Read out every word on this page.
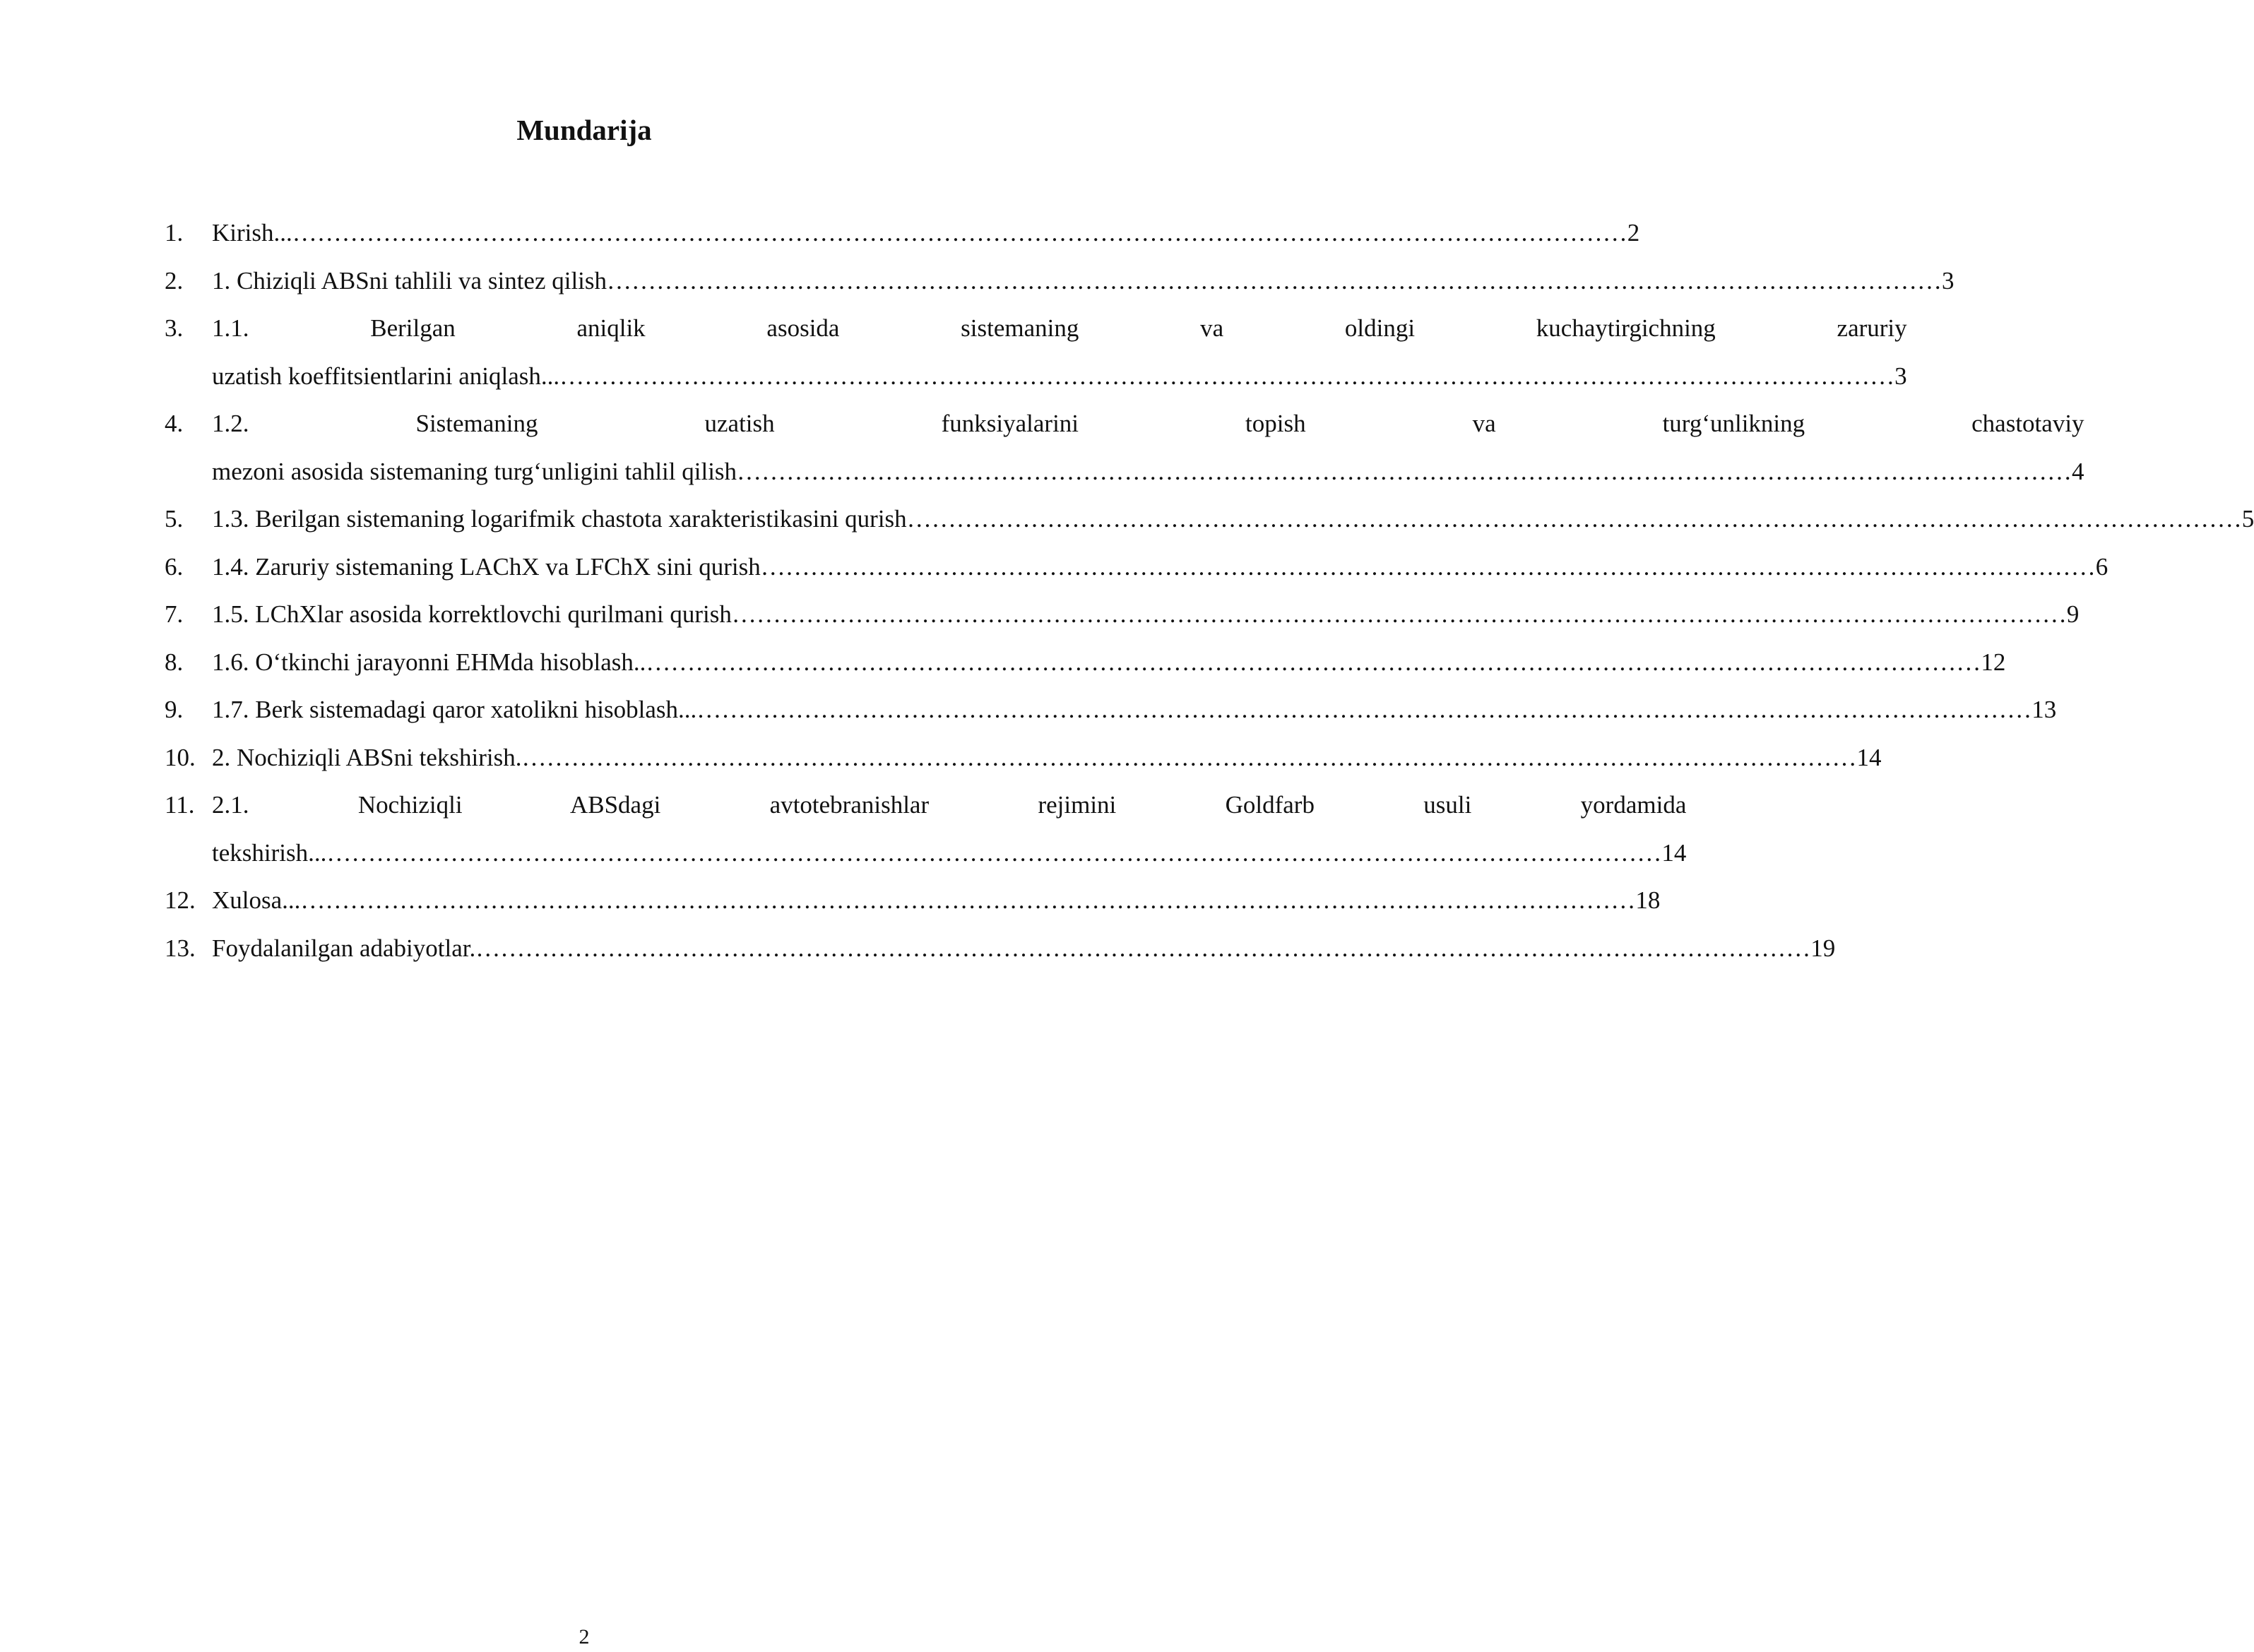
Mundarija
1.	Kirish... ……………………………………………………………………………………………………………………………………………… 2
2.	1. Chiziqli ABSni tahlili va sintez qilish ……………………………………………………………………………………………………………………………………………… 3
3.	1.1. Berilgan aniqlik asosida sistemaning va oldingi kuchaytirgichning zaruriy
uzatish koeffitsientlarini aniqlash... ……………………………………………………………………………………………………………………………………………… 3
4.	1.2. Sistemaning uzatish funksiyalarini topish va turg‘unlikning chastotaviy
mezoni asosida sistemaning turg‘unligini tahlil qilish ……………………………………………………………………………………………………………………………………………… 4
5.	1.3. Berilgan sistemaning logarifmik chastota xarakteristikasini qurish ……………………………………………………………………………………………………………………………………………… 5
6.	1.4. Zaruriy sistemaning LAChX va LFChX sini qurish ……………………………………………………………………………………………………………………………………………… 6
7.	1.5. LChXlar asosida korrektlovchi qurilmani qurish ……………………………………………………………………………………………………………………………………………… 9
8.	1.6. O‘tkinchi jarayonni EHMda hisoblash.. ……………………………………………………………………………………………………………………………………………… 12
9.	1.7. Berk sistemadagi qaror xatolikni hisoblash... ……………………………………………………………………………………………………………………………………………… 13
10. 2. Nochiziqli ABSni tekshirish. ……………………………………………………………………………………………………………………………………………… 14
11. 2.1. Nochiziqli ABSdagi avtotebranishlar rejimini Goldfarb usuli yordamida
tekshirish... ……………………………………………………………………………………………………………………………………………… 14
12. Xulosa... ……………………………………………………………………………………………………………………………………………… 18
13. Foydalanilgan adabiyotlar. ……………………………………………………………………………………………………………………………………………… 19
2
